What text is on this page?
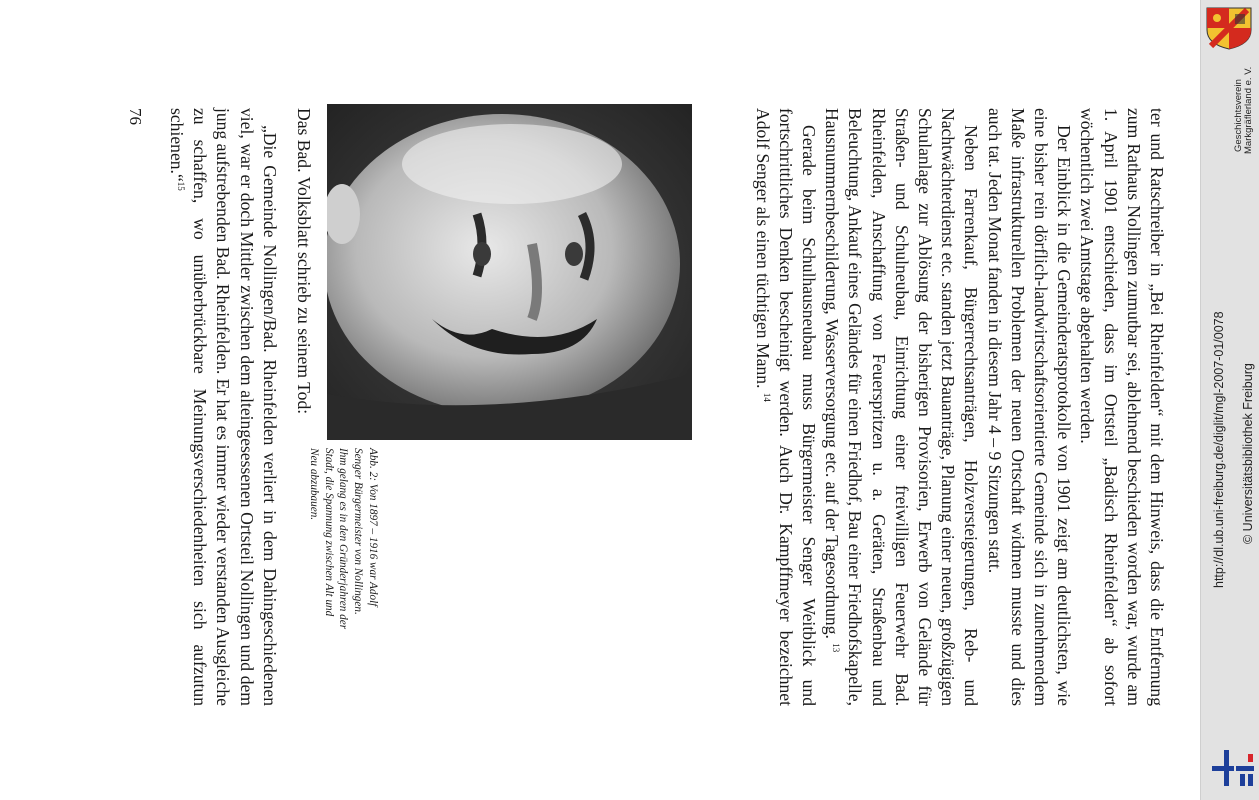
ter und Ratschreiber in „Bei Rheinfelden“ mit dem Hinweis, dass die Entfernung zum Rathaus Nollingen zumutbar sei, ablehnend beschieden worden war, wurde am 1. April 1901 entschieden, dass im Ortsteil „Badisch Rheinfelden“ ab sofort wöchentlich zwei Amtstage abgehalten werden.

Der Einblick in die Gemeinderatsprotokolle von 1901 zeigt am deutlichsten, wie eine bisher rein dörflich-landwirtschaftsorientierte Gemeinde sich in zunehmendem Maße infrastrukturellen Problemen der neuen Ortschaft widmen musste und dies auch tat. Jeden Monat fanden in diesem Jahr 4 – 9 Sitzungen statt.

Neben Farrenkauf, Bürgerrechtsanträgen, Holzversteigerungen, Reb- und Nachtwächterdienst etc. standen jetzt Bauanträge, Planung einer neuen, großzügigen Schulanlage zur Ablösung der bisherigen Provisorien, Erwerb von Gelände für Straßen- und Schulneubau, Einrichtung einer freiwilligen Feuerwehr Bad. Rheinfelden, Anschaffung von Feuerspritzen u. a. Geräten, Straßenbau und Beleuchtung, Ankauf eines Geländes für einen Friedhof, Bau einer Friedhofskapelle, Hausnummernbeschilderung, Wasserversorgung etc. auf der Tagesordnung. $^{13}$

Gerade beim Schulhausneubau muss Bürgermeister Senger Weitblick und fortschrittliches Denken bescheinigt werden. Auch Dr. Kampffmeyer bezeichnet Adolf Senger als einen tüchtigen Mann. $^{14}$

Abb. 2: Von 1897 – 1916 war Adolf
Senger Bürgermeister von Nollingen.
Ihm gelang es in den Gründerjahren der
Stadt, die Spannung zwischen Alt und
Neu abzubauen.

Das Bad. Volksblatt schrieb zu seinem Tod:

„Die Gemeinde Nollingen/Bad. Rheinfelden verliert in dem Dahingeschiedenen viel, war er doch Mittler zwischen dem alteingesessenen Ortsteil Nollingen und dem jung aufstrebenden Bad. Rheinfelden. Er hat es immer wieder verstanden Ausgleiche zu schaffen, wo unüberbrückbare Meinungsverschiedenheiten sich aufzutun schienen.“$^{15}$

76	Geschichtsverein Markgräflerland e. V.
http://dl.ub.uni-freiburg.de/diglit/mgl-2007-01/0078 © Universitätsbibliothek Freiburg
